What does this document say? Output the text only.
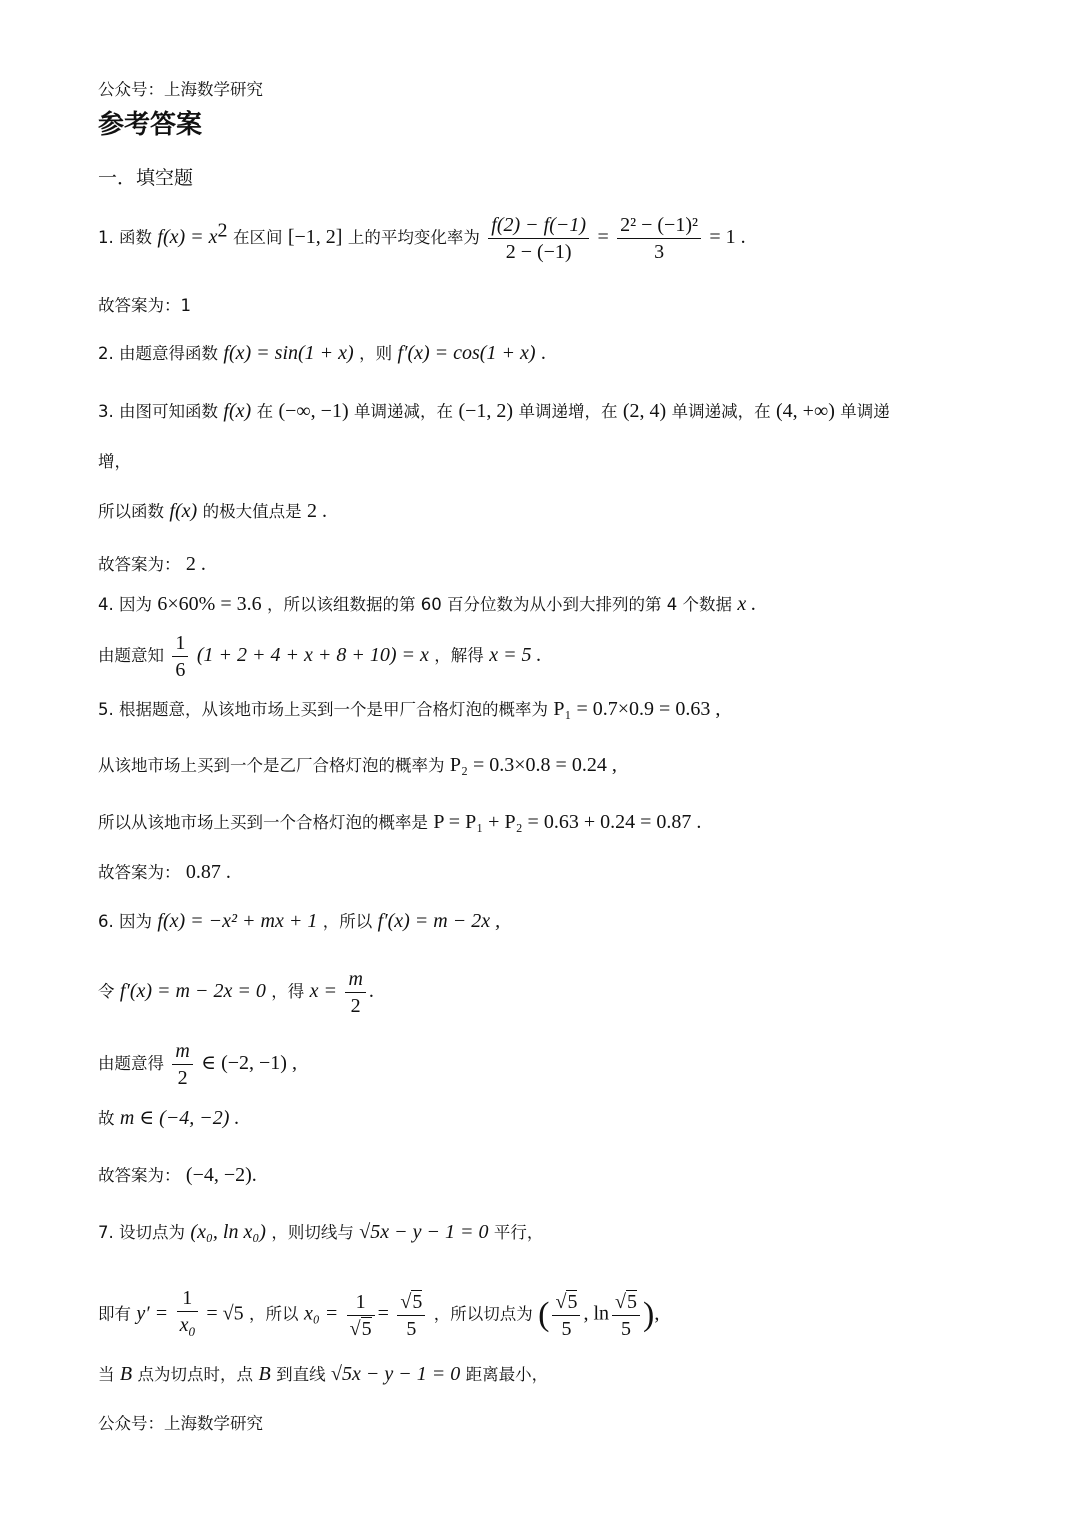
公众号：上海数学研究
参考答案
一．填空题
1. 函数 $f(x) = x^2$ 在区间 [−1, 2] 上的平均变化率为 $\frac{f(2) - f(-1)}{2 - (-1)} = \frac{\text{2² − (−1)²}}{3} = 1$ .
故答案为：1
2. 由题意得函数 f(x) = sin(1 + x) ，则 f′(x) = cos(1 + x) .
3. 由图可知函数 f(x) 在 (−∞, −1) 单调递减，在 (−1, 2) 单调递增，在 (2, 4) 单调递减，在 (4, +∞) 单调递
增，
所以函数 f(x) 的极大值点是 2 .
故答案为： 2 .
4. 因为 6×60% = 3.6 ，所以该组数据的第 60 百分位数为从小到大排列的第 4 个数据 x .
由题意知 $\frac{1}{6} (1 + 2 + 4 + x + 8 + 10) = x$ ，解得 x = 5 .
5. 根据题意，从该地市场上买到一个是甲厂合格灯泡的概率为 P₁ = 0.7×0.9 = 0.63 ,
从该地市场上买到一个是乙厂合格灯泡的概率为 P₂ = 0.3×0.8 = 0.24 ,
所以从该地市场上买到一个合格灯泡的概率是 P = P₁ + P₂ = 0.63 + 0.24 = 0.87 .
故答案为： 0.87 .
6. 因为 f(x) = −x² + mx + 1 ，所以 f′(x) = m − 2x ,
令 f′(x) = m − 2x = 0 ，得 $x = \frac{m}{2}$ .
由题意得 $\frac{m}{2}$ ∈ (−2, −1) ,
故 m ∈ (−4, −2) .
故答案为： (−4, −2).
7. 设切点为 (x₀, ln x₀) ，则切线与 √5x − y − 1 = 0 平行，
即有 $y' = \frac{1}{x_0} = √5$ ，所以 $x_0 = \frac{1}{√5} = \frac{√5}{5}$ ，所以切点为 ( $\frac{√5}{5}$ , $\ln \frac{√5}{5}$ ),
当 B 点为切点时，点 B 到直线 √5x − y − 1 = 0 距离最小，
公众号：上海数学研究
